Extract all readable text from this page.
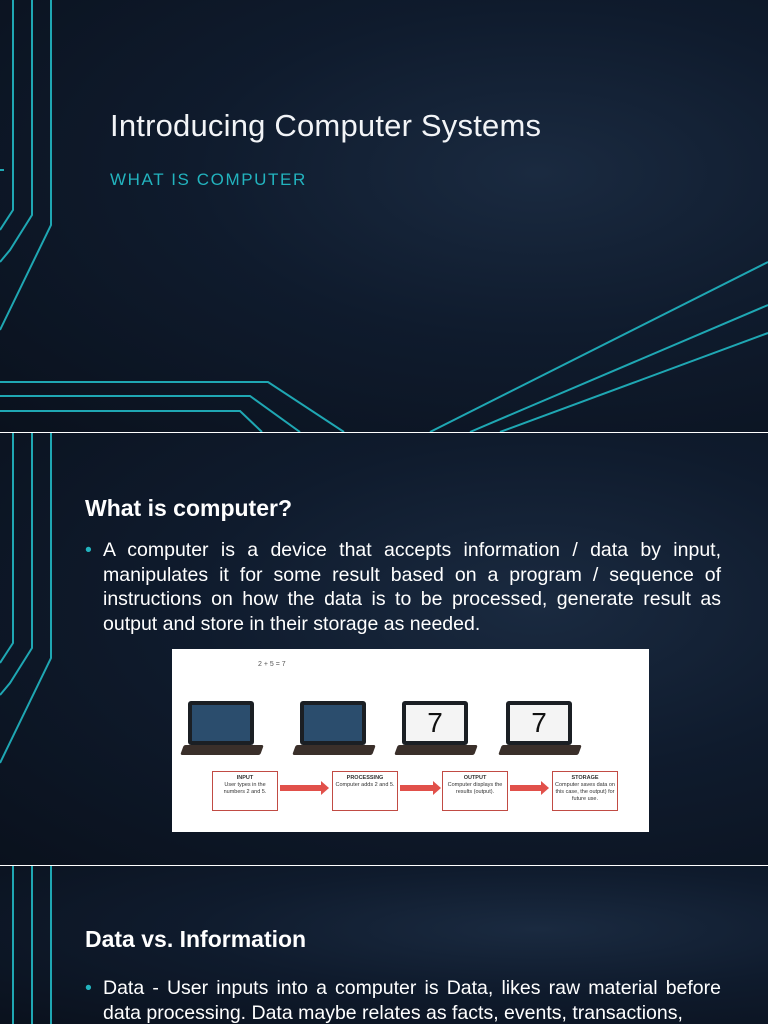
Introducing Computer Systems
WHAT IS COMPUTER
What is computer?
• A computer is a device that accepts information / data by input, manipulates it for some result based on a program / sequence of instructions on how the data is to be processed, generate result as output and store in their storage as needed.
2 + 5 = 7
7	7
INPUT
User types in the numbers 2 and 5.
PROCESSING
Computer adds 2 and 5.
OUTPUT
Computer displays the results (output).
STORAGE
Computer saves data on this case, the output) for future use.
Data vs. Information
• Data - User inputs into a computer is Data, likes raw material before data processing. Data maybe relates as facts, events, transactions,
